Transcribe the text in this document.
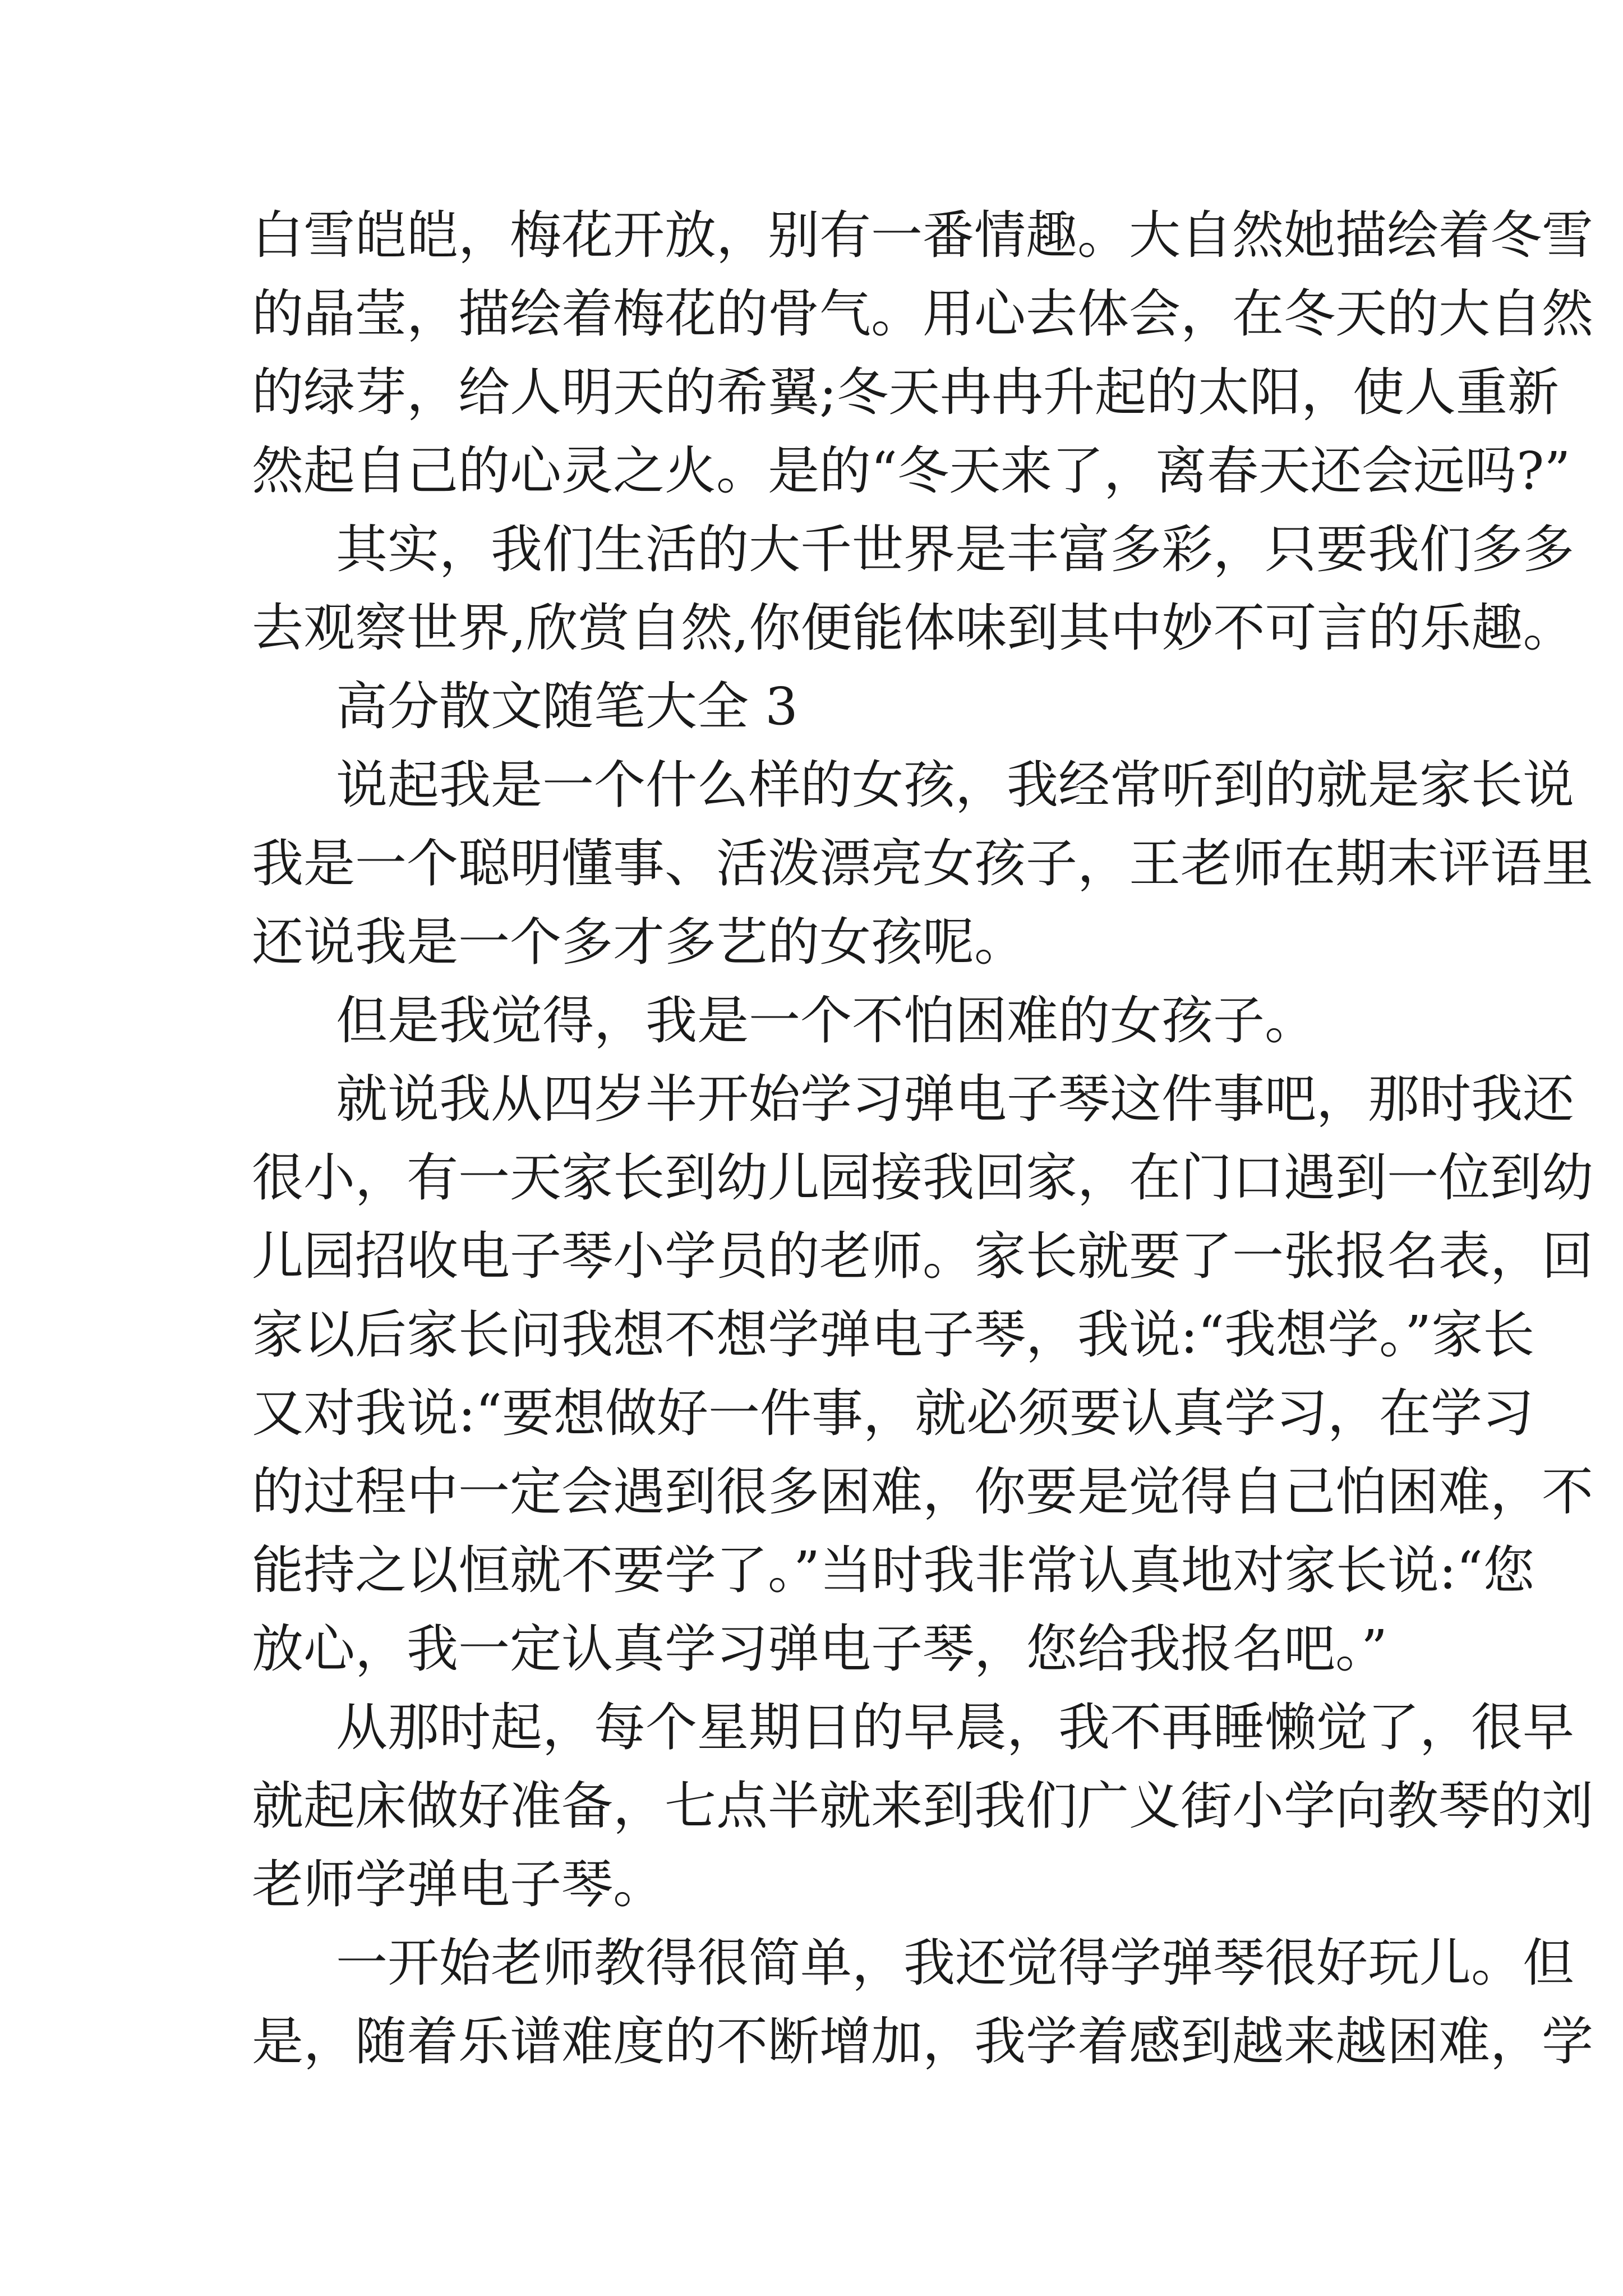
白雪皑皑，梅花开放，别有一番情趣。大自然她描绘着冬雪
的晶莹，描绘着梅花的骨气。用心去体会，在冬天的大自然
的绿芽，给人明天的希翼;冬天冉冉升起的太阳，使人重新
然起自己的心灵之火。是的“冬天来了，离春天还会远吗?”
其实，我们生活的大千世界是丰富多彩，只要我们多多
去观察世界,欣赏自然,你便能体味到其中妙不可言的乐趣。
高分散文随笔大全 3
说起我是一个什么样的女孩，我经常听到的就是家长说
我是一个聪明懂事、活泼漂亮女孩子，王老师在期末评语里
还说我是一个多才多艺的女孩呢。
但是我觉得，我是一个不怕困难的女孩子。
就说我从四岁半开始学习弹电子琴这件事吧，那时我还
很小，有一天家长到幼儿园接我回家，在门口遇到一位到幼
儿园招收电子琴小学员的老师。家长就要了一张报名表，回
家以后家长问我想不想学弹电子琴，我说:“我想学。”家长
又对我说:“要想做好一件事，就必须要认真学习，在学习
的过程中一定会遇到很多困难，你要是觉得自己怕困难，不
能持之以恒就不要学了。”当时我非常认真地对家长说:“您
放心，我一定认真学习弹电子琴，您给我报名吧。”
从那时起，每个星期日的早晨，我不再睡懒觉了，很早
就起床做好准备，七点半就来到我们广义街小学向教琴的刘
老师学弹电子琴。
一开始老师教得很简单，我还觉得学弹琴很好玩儿。但
是，随着乐谱难度的不断增加，我学着感到越来越困难，学
